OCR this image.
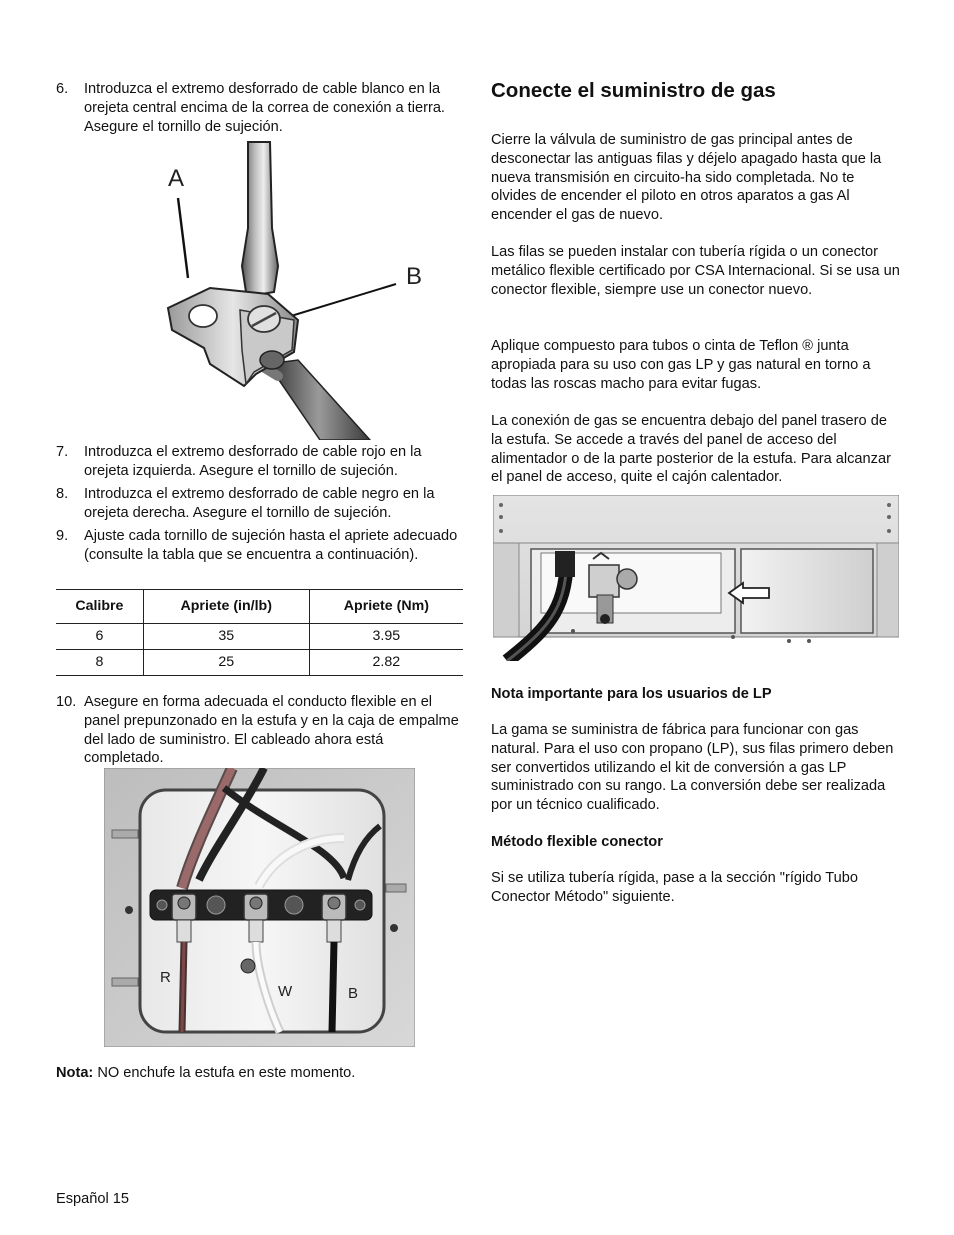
6. Introduzca el extremo desforrado de cable blanco en la orejeta central encima de la correa de conexión a tierra. Asegure el tornillo de sujeción.
A
B
7. Introduzca el extremo desforrado de cable rojo en la orejeta izquierda. Asegure el tornillo de sujeción.
8. Introduzca el extremo desforrado de cable negro en la orejeta derecha. Asegure el tornillo de sujeción.
9. Ajuste cada tornillo de sujeción hasta el apriete adecuado (consulte la tabla que se encuentra a continuación).
Calibre	Apriete (in/lb)	Apriete (Nm)
6	35	3.95
8	25	2.82
10. Asegure en forma adecuada el conducto flexible en el panel prepunzonado en la estufa y en la caja de empalme del lado de suministro. El cableado ahora está completado.
R
W	B
Nota: NO enchufe la estufa en este momento.
Conecte el suministro de gas
Cierre la válvula de suministro de gas principal antes de desconectar las antiguas filas y déjelo apagado hasta que la nueva transmisión en circuito-ha sido completada. No te olvides de encender el piloto en otros aparatos a gas Al encender el gas de nuevo.
Las filas se pueden instalar con tubería rígida o un conector metálico flexible certificado por CSA Internacional. Si se usa un conector flexible, siempre use un conector nuevo.
Aplique compuesto para tubos o cinta de Teflon ® junta apropiada para su uso con gas LP y gas natural en torno a todas las roscas macho para evitar fugas.
La conexión de gas se encuentra debajo del panel trasero de la estufa. Se accede a través del panel de acceso del alimentador o de la parte posterior de la estufa. Para alcanzar el panel de acceso, quite el cajón calentador.
Nota importante para los usuarios de LP
La gama se suministra de fábrica para funcionar con gas natural. Para el uso con propano (LP), sus filas primero deben ser convertidos utilizando el kit de conversión a gas LP suministrado con su rango. La conversión debe ser realizada por un técnico cualificado.
Método flexible conector
Si se utiliza tubería rígida, pase a la sección "rígido Tubo Conector Método" siguiente.
Español 15
